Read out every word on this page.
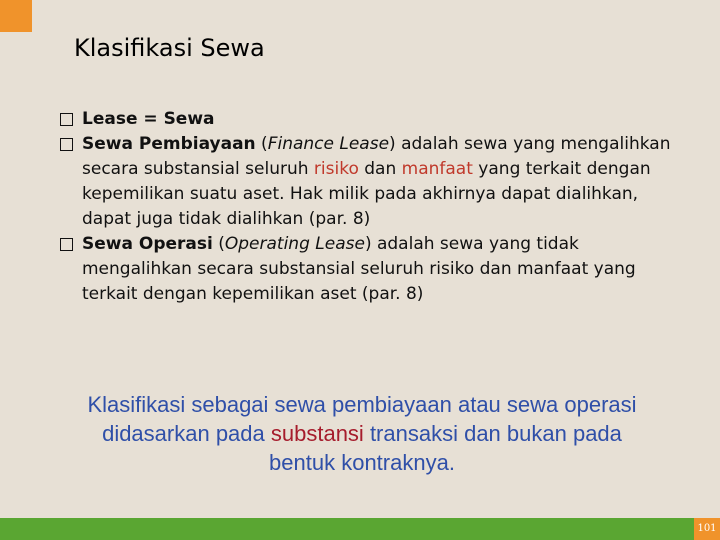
Klasifikasi Sewa

Lease = Sewa

Sewa Pembiayaan (Finance Lease) adalah sewa yang mengalihkan secara substansial seluruh risiko dan manfaat yang terkait dengan kepemilikan suatu aset. Hak milik pada akhirnya dapat dialihkan, dapat juga tidak dialihkan (par. 8)

Sewa Operasi (Operating Lease) adalah sewa yang tidak mengalihkan secara substansial seluruh risiko dan manfaat yang terkait dengan kepemilikan aset (par. 8)

Klasifikasi sebagai sewa pembiayaan atau sewa operasi didasarkan pada substansi transaksi dan bukan pada bentuk kontraknya.
101
